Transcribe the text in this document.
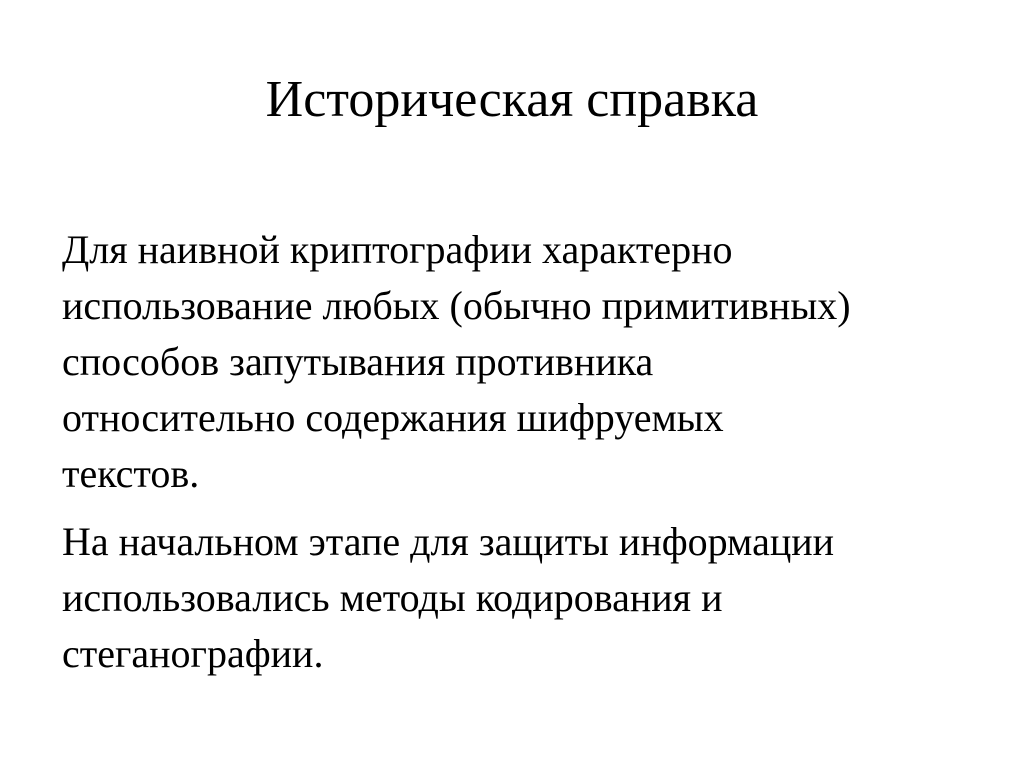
Историческая справка

Для наивной криптографии характерно
использование любых (обычно примитивных)
способов запутывания противника
относительно содержания шифруемых
текстов.

На начальном этапе для защиты информации
использовались методы кодирования и
стеганографии.
